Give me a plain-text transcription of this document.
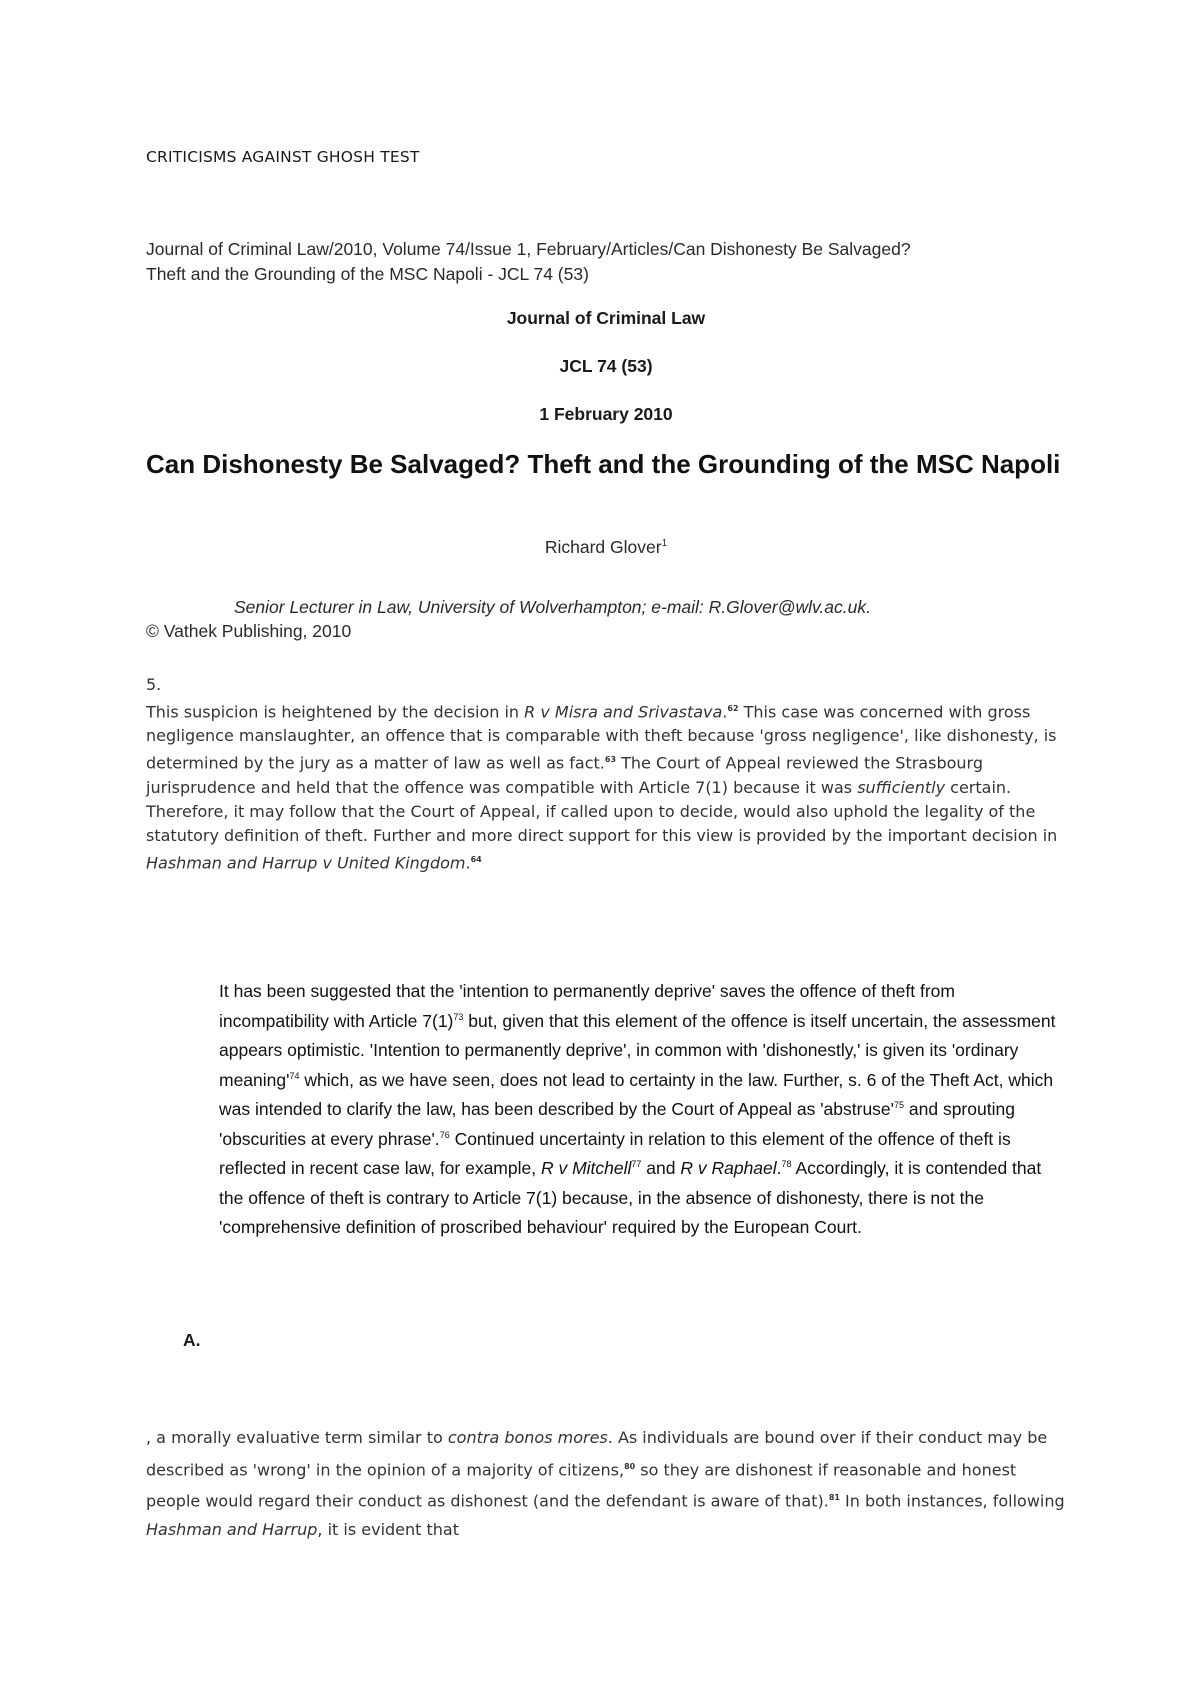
CRITICISMS AGAINST GHOSH TEST

Journal of Criminal Law/2010, Volume 74/Issue 1, February/Articles/Can Dishonesty Be Salvaged?
Theft and the Grounding of the MSC Napoli - JCL 74 (53)

Journal of Criminal Law

JCL 74 (53)

1 February 2010

Can Dishonesty Be Salvaged? Theft and the Grounding of the MSC Napoli

Richard Glover$^1$

Senior Lecturer in Law, University of Wolverhampton; e-mail: R.Glover@wlv.ac.uk.

© Vathek Publishing, 2010

5.
This suspicion is heightened by the decision in R v Misra and Srivastava.$^{62}$ This case was concerned with gross negligence manslaughter, an offence that is comparable with theft because 'gross negligence', like dishonesty, is determined by the jury as a matter of law as well as fact.$^{63}$ The Court of Appeal reviewed the Strasbourg jurisprudence and held that the offence was compatible with Article 7(1) because it was sufficiently certain. Therefore, it may follow that the Court of Appeal, if called upon to decide, would also uphold the legality of the statutory definition of theft. Further and more direct support for this view is provided by the important decision in Hashman and Harrup v United Kingdom.$^{64}$

It has been suggested that the 'intention to permanently deprive' saves the offence of theft from incompatibility with Article $7(1)^{73}$ but, given that this element of the offence is itself uncertain, the assessment appears optimistic. 'Intention to permanently deprive', in common with 'dishonestly,' is given its 'ordinary $meaning'^{74}$ which, as we have seen, does not lead to certainty in the law. Further, s. 6 of the Theft Act, which was intended to clarify the law, has been described by the Court of Appeal as '$abstruse'^{75}$ and sprouting 'obscurities at every phrase'.$^{76}$ Continued uncertainty in relation to this element of the offence of theft is reflected in recent case law, for example, R v Mitchell$^{77}$ and R v Raphael.$^{78}$ Accordingly, it is contended that the offence of theft is contrary to Article 7(1) because, in the absence of dishonesty, there is not the 'comprehensive definition of proscribed behaviour' required by the European Court.

A.

, a morally evaluative term similar to contra bonos mores. As individuals are bound over if their conduct may be described as 'wrong' in the opinion of a majority of citizens,$^{80}$ so they are dishonest if reasonable and honest people would regard their conduct as dishonest (and the defendant is aware of that).$^{81}$ In both instances, following Hashman and Harrup, it is evident that
